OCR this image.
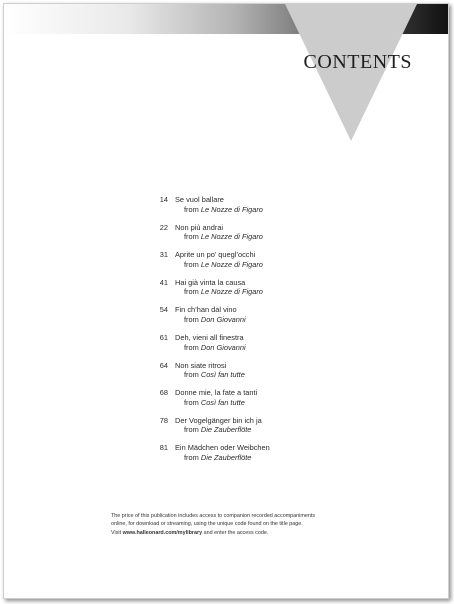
CONTENTS
14 Se vuol ballare
from Le Nozze di Figaro
22 Non più andrai
from Le Nozze di Figaro
31 Aprite un po’ quegl’occhi
from Le Nozze di Figaro
41 Hai già vinta la causa
from Le Nozze di Figaro
54 Fin ch’han dal vino
from Don Giovanni
61 Deh, vieni all finestra
from Don Giovanni
64 Non siate ritrosi
from Così fan tutte
68 Donne mie, la fate a tanti
from Così fan tutte
78 Der Vogelgänger bin ich ja
from Die Zauberflöte
81 Ein Mädchen oder Weibchen
from Die Zauberflöte

The price of this publication includes access to companion recorded accompaniments

online, for download or streaming, using the unique code found on the title page.

Visit www.halleonard.com/mylibrary and enter the access code.
